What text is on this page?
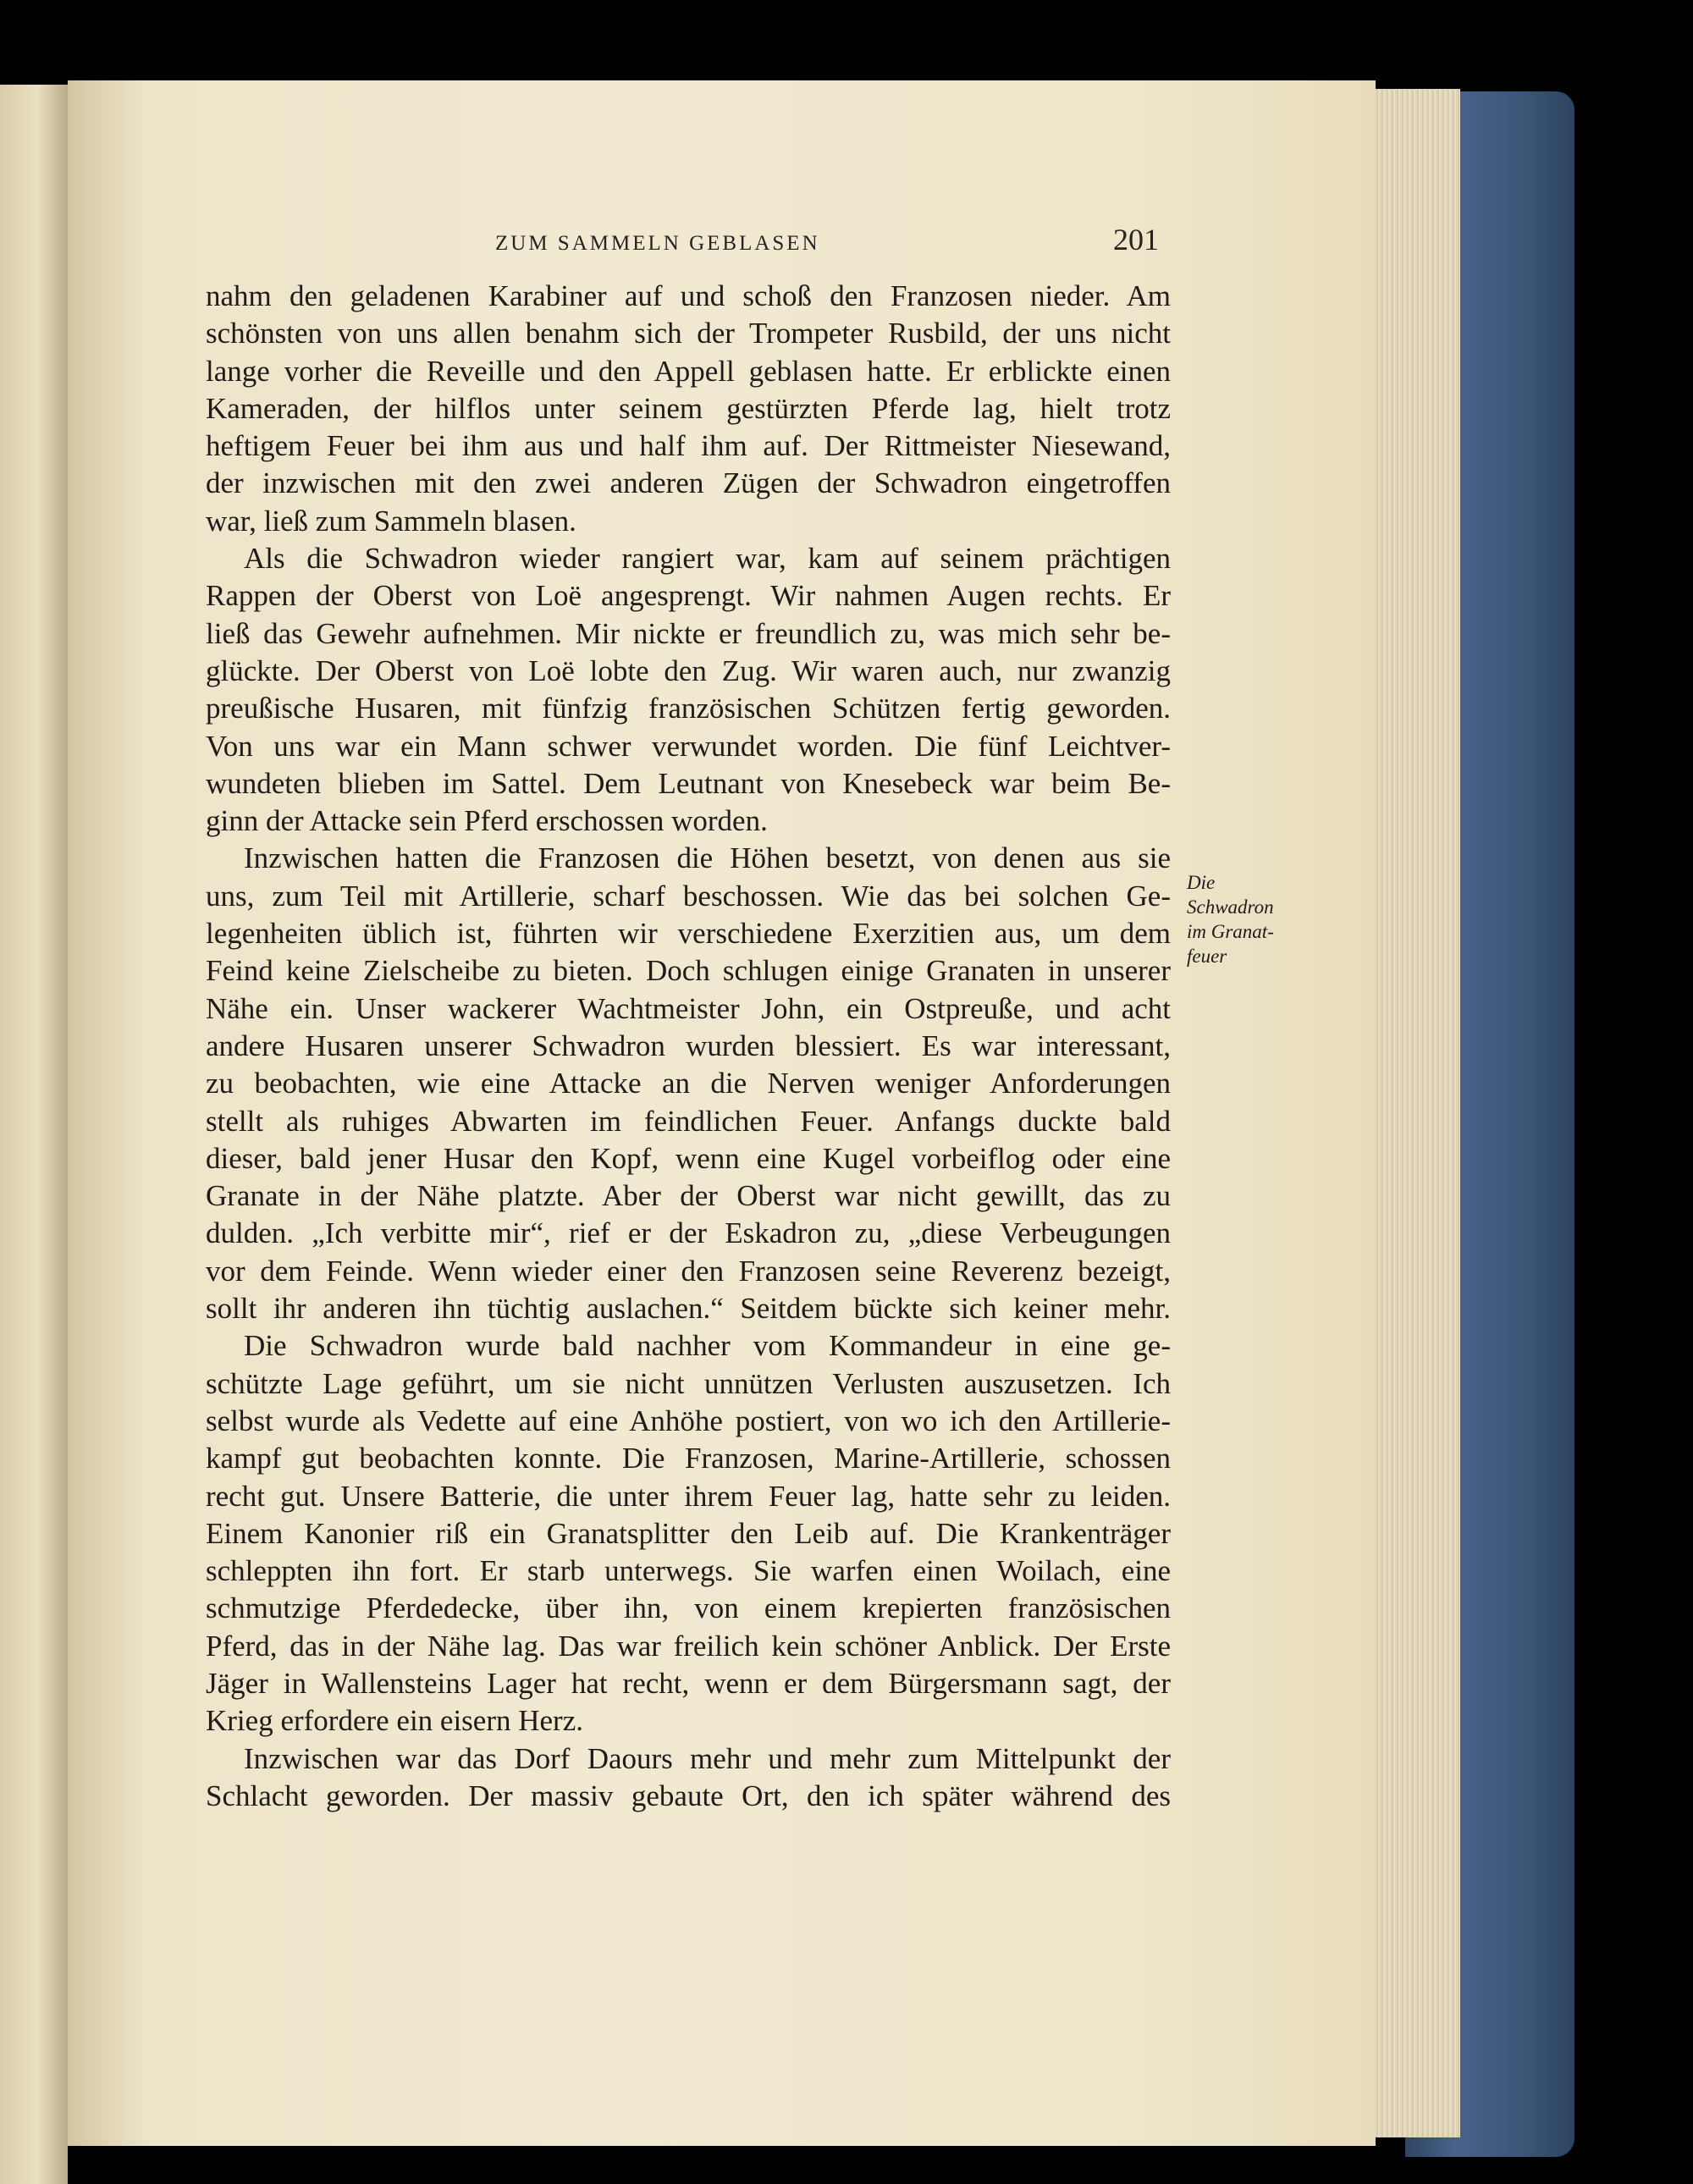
ZUM SAMMELN GEBLASEN	201
nahm den geladenen Karabiner auf und schoß den Franzosen nieder. Am
schönsten von uns allen benahm sich der Trompeter Rusbild, der uns nicht
lange vorher die Reveille und den Appell geblasen hatte. Er erblickte einen
Kameraden, der hilflos unter seinem gestürzten Pferde lag, hielt trotz
heftigem Feuer bei ihm aus und half ihm auf. Der Rittmeister Niesewand,
der inzwischen mit den zwei anderen Zügen der Schwadron eingetroffen
war, ließ zum Sammeln blasen.
Als die Schwadron wieder rangiert war, kam auf seinem prächtigen
Rappen der Oberst von Loë angesprengt. Wir nahmen Augen rechts. Er
ließ das Gewehr aufnehmen. Mir nickte er freundlich zu, was mich sehr be-
glückte. Der Oberst von Loë lobte den Zug. Wir waren auch, nur zwanzig
preußische Husaren, mit fünfzig französischen Schützen fertig geworden.
Von uns war ein Mann schwer verwundet worden. Die fünf Leichtver-
wundeten blieben im Sattel. Dem Leutnant von Knesebeck war beim Be-
ginn der Attacke sein Pferd erschossen worden.
Inzwischen hatten die Franzosen die Höhen besetzt, von denen aus sie
uns, zum Teil mit Artillerie, scharf beschossen. Wie das bei solchen Ge-
legenheiten üblich ist, führten wir verschiedene Exerzitien aus, um dem
Feind keine Zielscheibe zu bieten. Doch schlugen einige Granaten in unserer
Nähe ein. Unser wackerer Wachtmeister John, ein Ostpreuße, und acht
andere Husaren unserer Schwadron wurden blessiert. Es war interessant,
zu beobachten, wie eine Attacke an die Nerven weniger Anforderungen
stellt als ruhiges Abwarten im feindlichen Feuer. Anfangs duckte bald
dieser, bald jener Husar den Kopf, wenn eine Kugel vorbeiflog oder eine
Granate in der Nähe platzte. Aber der Oberst war nicht gewillt, das zu
dulden. „Ich verbitte mir“, rief er der Eskadron zu, „diese Verbeugungen
vor dem Feinde. Wenn wieder einer den Franzosen seine Reverenz bezeigt,
sollt ihr anderen ihn tüchtig auslachen.“ Seitdem bückte sich keiner mehr.
Die Schwadron wurde bald nachher vom Kommandeur in eine ge-
schützte Lage geführt, um sie nicht unnützen Verlusten auszusetzen. Ich
selbst wurde als Vedette auf eine Anhöhe postiert, von wo ich den Artillerie-
kampf gut beobachten konnte. Die Franzosen, Marine-Artillerie, schossen
recht gut. Unsere Batterie, die unter ihrem Feuer lag, hatte sehr zu leiden.
Einem Kanonier riß ein Granatsplitter den Leib auf. Die Krankenträger
schleppten ihn fort. Er starb unterwegs. Sie warfen einen Woilach, eine
schmutzige Pferdedecke, über ihn, von einem krepierten französischen
Pferd, das in der Nähe lag. Das war freilich kein schöner Anblick. Der Erste
Jäger in Wallensteins Lager hat recht, wenn er dem Bürgersmann sagt, der
Krieg erfordere ein eisern Herz.
Inzwischen war das Dorf Daours mehr und mehr zum Mittelpunkt der
Schlacht geworden. Der massiv gebaute Ort, den ich später während des
Die
Schwadron
im Granat-
feuer
